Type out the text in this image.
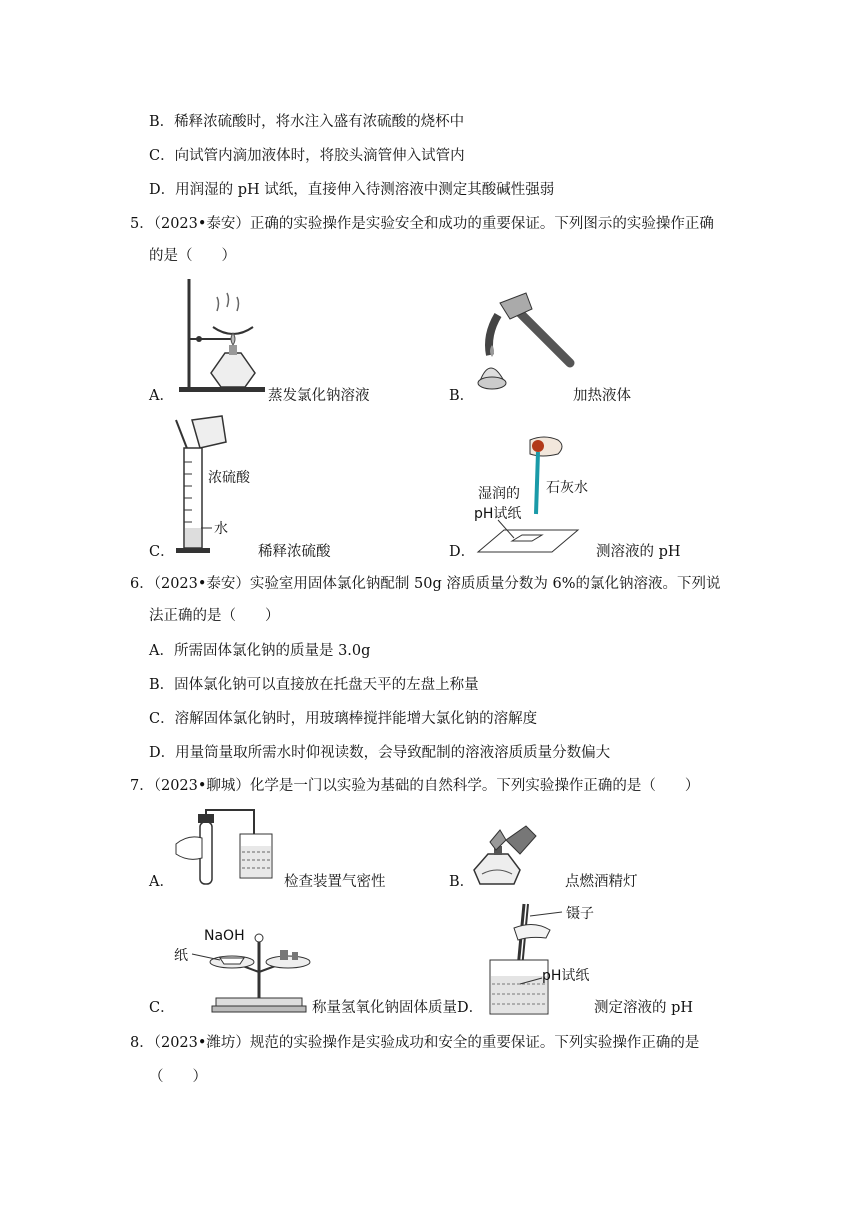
B．稀释浓硫酸时，将水注入盛有浓硫酸的烧杯中
C．向试管内滴加液体时，将胶头滴管伸入试管内
D．用润湿的 pH 试纸，直接伸入待测溶液中测定其酸碱性强弱
5．（2023•泰安）正确的实验操作是实验安全和成功的重要保证。下列图示的实验操作正确
的是（　　）
A．	蒸发氯化钠溶液	B．	加热液体
C．
浓硫酸
水
稀释浓硫酸	D．
湿润的
pH试纸
石灰水
测溶液的 pH
6．（2023•泰安）实验室用固体氯化钠配制 50g 溶质质量分数为 6%的氯化钠溶液。下列说
法正确的是（　　）
A．所需固体氯化钠的质量是 3.0g
B．固体氯化钠可以直接放在托盘天平的左盘上称量
C．溶解固体氯化钠时，用玻璃棒搅拌能增大氯化钠的溶解度
D．用量筒量取所需水时仰视读数，会导致配制的溶液溶质质量分数偏大
7．（2023•聊城）化学是一门以实验为基础的自然科学。下列实验操作正确的是（　　）
A．	检查装置气密性	B．	点燃酒精灯
C．
NaOH
纸
称量氢氧化钠固体质量D．
镊子
pH试纸
测定溶液的 pH
8．（2023•潍坊）规范的实验操作是实验成功和安全的重要保证。下列实验操作正确的是
（　　）
